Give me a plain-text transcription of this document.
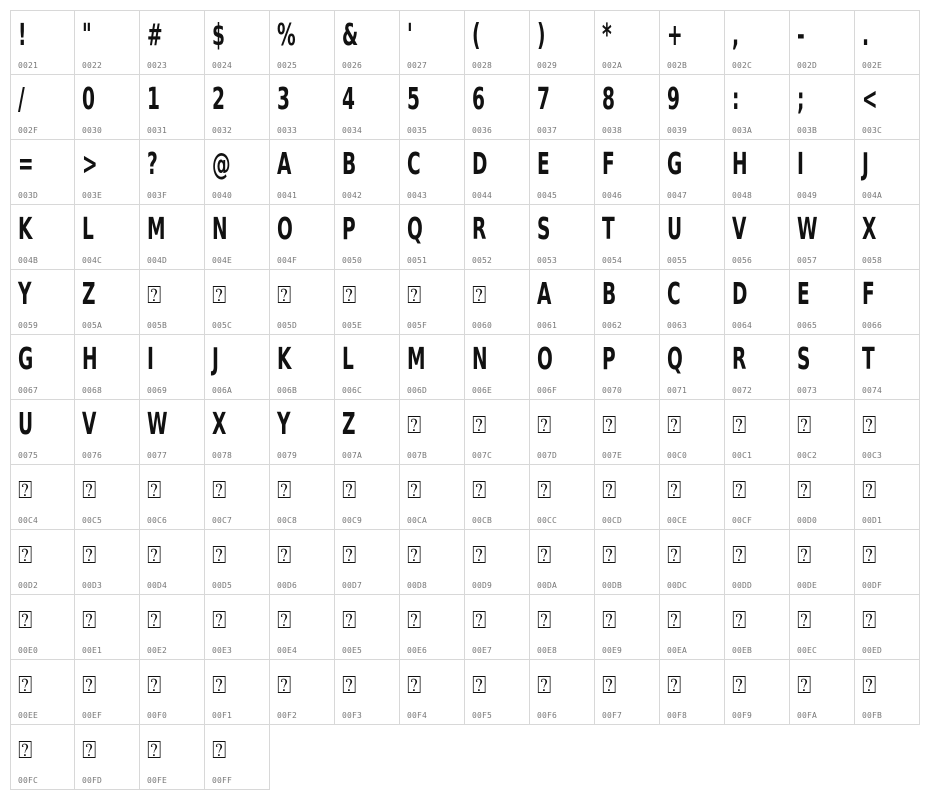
!
0021
"
0022
#
0023
$
0024
%
0025
&
0026
'
0027
(
0028
)
0029
*
002A
+
002B
,
002C
-
002D
.
002E
/
002F
0
0030
1
0031
2
0032
3
0033
4
0034
5
0035
6
0036
7
0037
8
0038
9
0039
:
003A
;
003B
<
003C
=
003D
>
003E
?
003F
@
0040
A
0041
B
0042
C
0043
D
0044
E
0045
F
0046
G
0047
H
0048
I
0049
J
004A
K
004B
L
004C
M
004D
N
004E
O
004F
P
0050
Q
0051
R
0052
S
0053
T
0054
U
0055
V
0056
W
0057
X
0058
Y
0059
Z
005A
⍰
005B
⍰
005C
⍰
005D
⍰
005E
⍰
005F
⍰
0060
A
0061
B
0062
C
0063
D
0064
E
0065
F
0066
G
0067
H
0068
I
0069
J
006A
K
006B
L
006C
M
006D
N
006E
O
006F
P
0070
Q
0071
R
0072
S
0073
T
0074
U
0075
V
0076
W
0077
X
0078
Y
0079
Z
007A
⍰
007B
⍰
007C
⍰
007D
⍰
007E
⍰
00C0
⍰
00C1
⍰
00C2
⍰
00C3
⍰
00C4
⍰
00C5
⍰
00C6
⍰
00C7
⍰
00C8
⍰
00C9
⍰
00CA
⍰
00CB
⍰
00CC
⍰
00CD
⍰
00CE
⍰
00CF
⍰
00D0
⍰
00D1
⍰
00D2
⍰
00D3
⍰
00D4
⍰
00D5
⍰
00D6
⍰
00D7
⍰
00D8
⍰
00D9
⍰
00DA
⍰
00DB
⍰
00DC
⍰
00DD
⍰
00DE
⍰
00DF
⍰
00E0
⍰
00E1
⍰
00E2
⍰
00E3
⍰
00E4
⍰
00E5
⍰
00E6
⍰
00E7
⍰
00E8
⍰
00E9
⍰
00EA
⍰
00EB
⍰
00EC
⍰
00ED
⍰
00EE
⍰
00EF
⍰
00F0
⍰
00F1
⍰
00F2
⍰
00F3
⍰
00F4
⍰
00F5
⍰
00F6
⍰
00F7
⍰
00F8
⍰
00F9
⍰
00FA
⍰
00FB
⍰
00FC
⍰
00FD
⍰
00FE
⍰
00FF
